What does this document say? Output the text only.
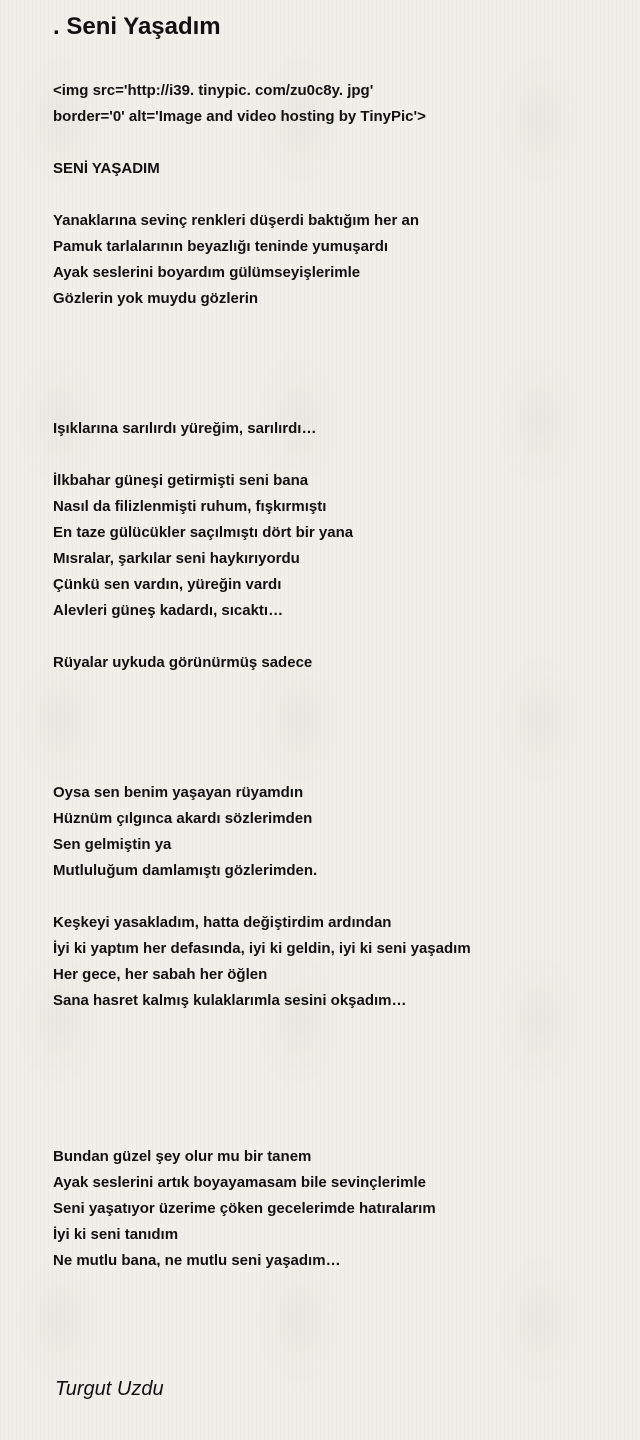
. Seni Yaşadım
<img src='http://i39. tinypic. com/zu0c8y. jpg'
border='0' alt='Image and video hosting by TinyPic'>
SENİ YAŞADIM
Yanaklarına sevinç renkleri düşerdi baktığım her an
Pamuk tarlalarının beyazlığı teninde yumuşardı
Ayak seslerini boyardım gülümseyişlerimle
Gözlerin yok muydu gözlerin
Işıklarına sarılırdı yüreğim, sarılırdı…
İlkbahar güneşi getirmişti seni bana
Nasıl da filizlenmişti ruhum, fışkırmıştı
En taze gülücükler saçılmıştı dört bir yana
Mısralar, şarkılar seni haykırıyordu
Çünkü sen vardın, yüreğin vardı
Alevleri güneş kadardı, sıcaktı…
Rüyalar uykuda görünürmüş sadece
Oysa sen benim yaşayan rüyamdın
Hüznüm çılgınca akardı sözlerimden
Sen gelmiştin ya
Mutluluğum damlamıştı gözlerimden.
Keşkeyi yasakladım, hatta değiştirdim ardından
İyi ki yaptım her defasında, iyi ki geldin, iyi ki seni yaşadım
Her gece, her sabah her öğlen
Sana hasret kalmış kulaklarımla sesini okşadım…
Bundan güzel şey olur mu bir tanem
Ayak seslerini artık boyayamasam bile sevinçlerimle
Seni yaşatıyor üzerime çöken gecelerimde hatıralarım
İyi ki seni tanıdım
Ne mutlu bana, ne mutlu seni yaşadım…
Turgut Uzdu
